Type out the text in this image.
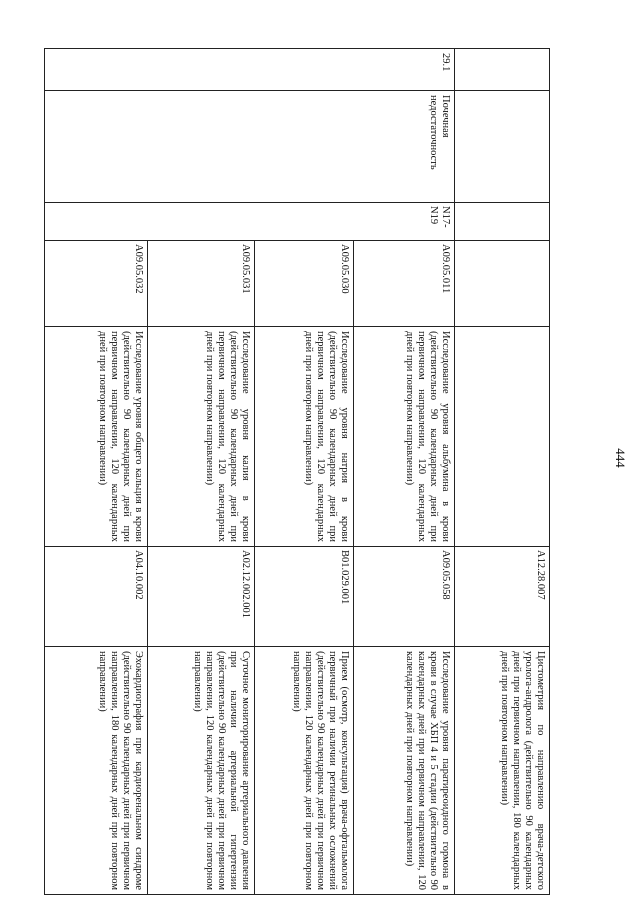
444
					A12.28.007	Цистометрия по направлению врача-детского уролога-андролога (действительно 90 календарных дней при первичном направлении, 180 календарных дней при повторном направлении)
29.1	Почечная недостаточность	N17-N19	A09.05.011	Исследование уровня альбумина в крови (действительно 90 календарных дней при первичном направлении, 120 календарных дней при повторном направлении)	A09.05.058	Исследование уровня паратиреоидного гормона в крови в случае ХБП 4 и 5 стадии (действительно 90 календарных дней при первичном направлении, 120 календарных дней при повторном направлении)
			A09.05.030	Исследование уровня натрия в крови (действительно 90 календарных дней при первичном направлении, 120 календарных дней при повторном направлении)	B01.029.001	Прием (осмотр, консультация) врача-офтальмолога первичный при наличии ретинальных осложнений (действительно 90 календарных дней при первичном направлении, 120 календарных дней при повторном направлении)
			A09.05.031	Исследование уровня калия в крови (действительно 90 календарных дней при первичном направлении, 120 календарных дней при повторном направлении)	A02.12.002.001	Суточное мониторирование артериального давления при наличии артериальной гипертензии (действительно 90 календарных дней при первичном направлении, 120 календарных дней при повторном направлении)
			A09.05.032	Исследование уровня общего кальция в крови (действительно 90 календарных дней при первичном направлении, 120 календарных дней при повторном направлении)	A04.10.002	Эхокардиография при кардиоренальном синдроме (действительно 90 календарных дней при первичном направлении, 180 календарных дней при повторном направлении)
